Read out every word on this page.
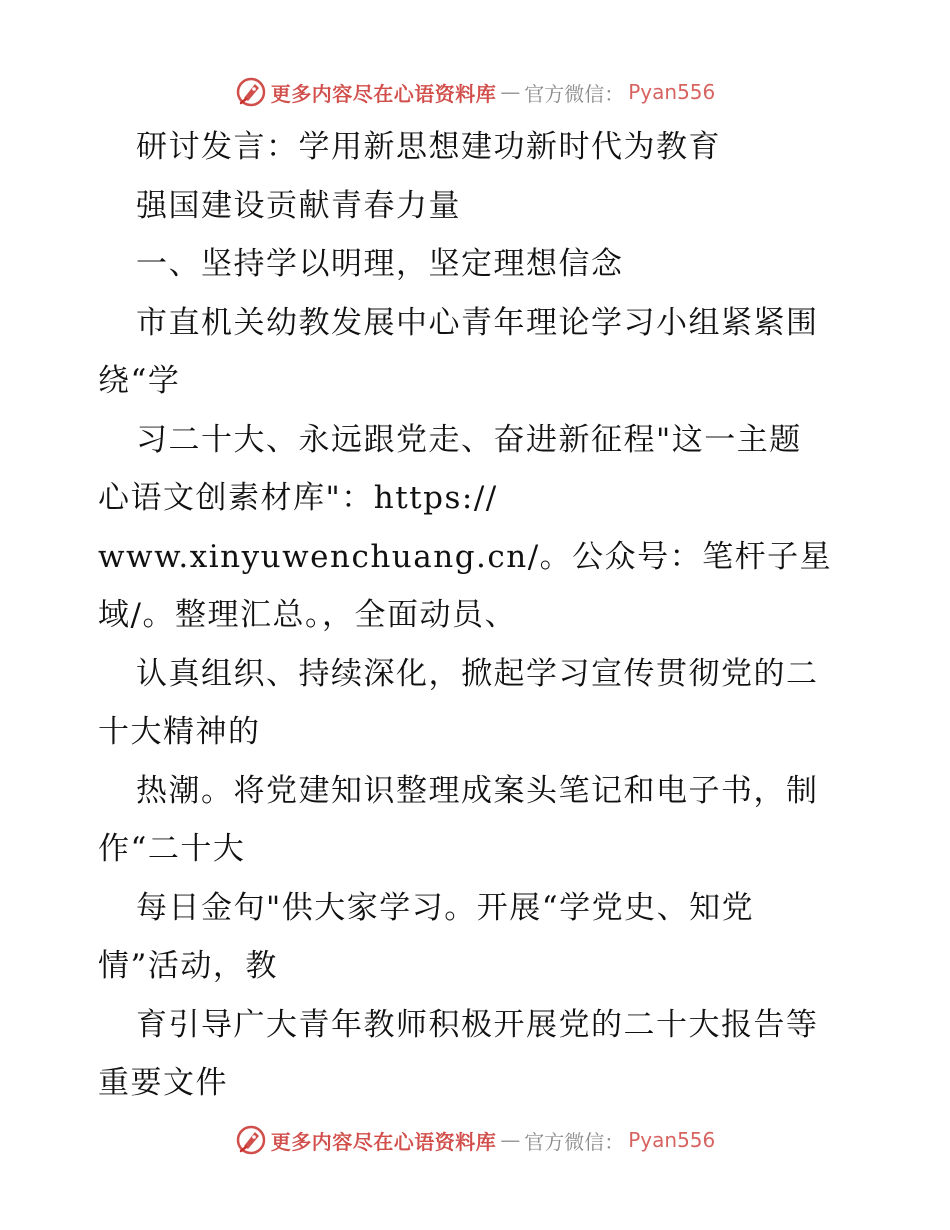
更多内容尽在心语资料库 — 官方微信： Pyan556
研讨发言：学用新思想建功新时代为教育
强国建设贡献青春力量
一、坚持学以明理，坚定理想信念
市直机关幼教发展中心青年理论学习小组紧紧围
绕“学
习二十大、永远跟党走、奋进新征程"这一主题
心语文创素材库"：https://
www.xinyuwenchuang.cn/。公众号：笔杆子星
域/。整理汇总。，全面动员、
认真组织、持续深化，掀起学习宣传贯彻党的二
十大精神的
热潮。将党建知识整理成案头笔记和电子书，制
作“二十大
每日金句"供大家学习。开展“学党史、知党
情”活动，教
育引导广大青年教师积极开展党的二十大报告等
重要文件
更多内容尽在心语资料库 — 官方微信： Pyan556
